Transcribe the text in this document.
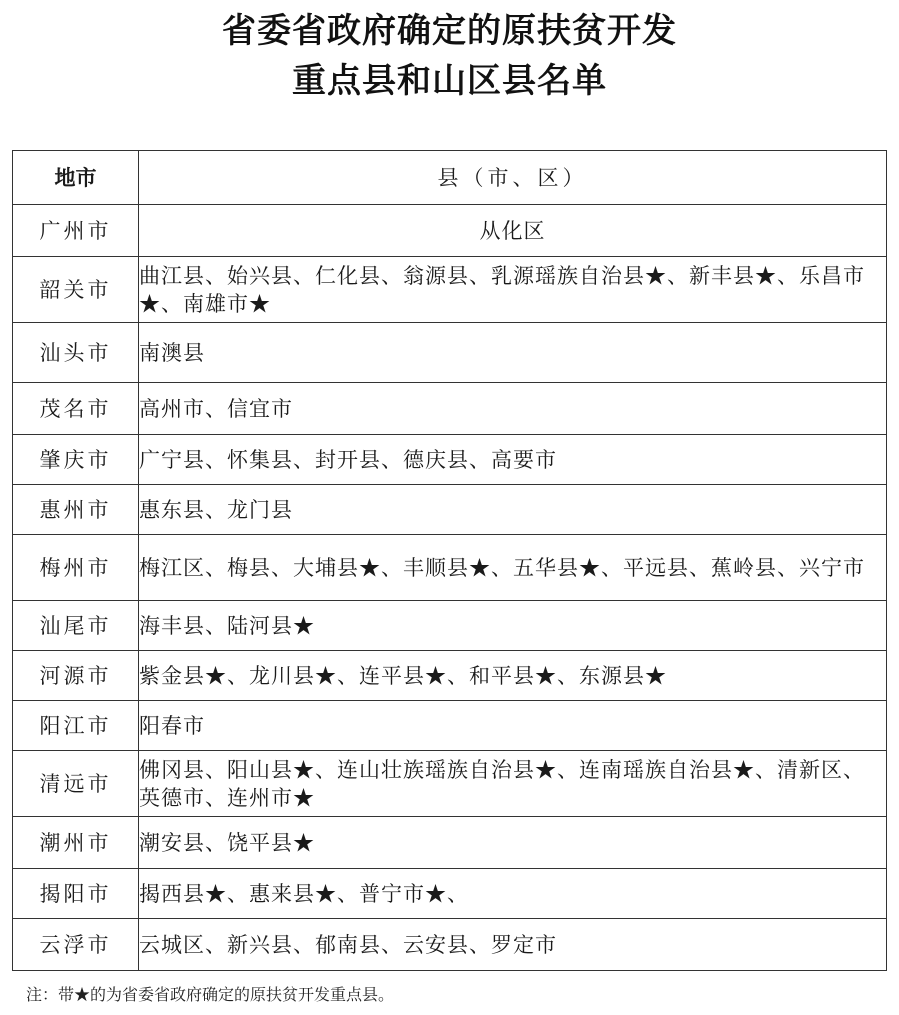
省委省政府确定的原扶贫开发
重点县和山区县名单
地市	县（市、区）
广州市	从化区
韶关市	曲江县、始兴县、仁化县、翁源县、乳源瑶族自治县★、新丰县★、乐昌市★、南雄市★
汕头市	南澳县
茂名市	高州市、信宜市
肇庆市	广宁县、怀集县、封开县、德庆县、高要市
惠州市	惠东县、龙门县
梅州市	梅江区、梅县、大埔县★、丰顺县★、五华县★、平远县、蕉岭县、兴宁市
汕尾市	海丰县、陆河县★
河源市	紫金县★、龙川县★、连平县★、和平县★、东源县★
阳江市	阳春市
清远市	佛冈县、阳山县★、连山壮族瑶族自治县★、连南瑶族自治县★、清新区、英德市、连州市★
潮州市	潮安县、饶平县★
揭阳市	揭西县★、惠来县★、普宁市★、
云浮市	云城区、新兴县、郁南县、云安县、罗定市
注：带★的为省委省政府确定的原扶贫开发重点县。
